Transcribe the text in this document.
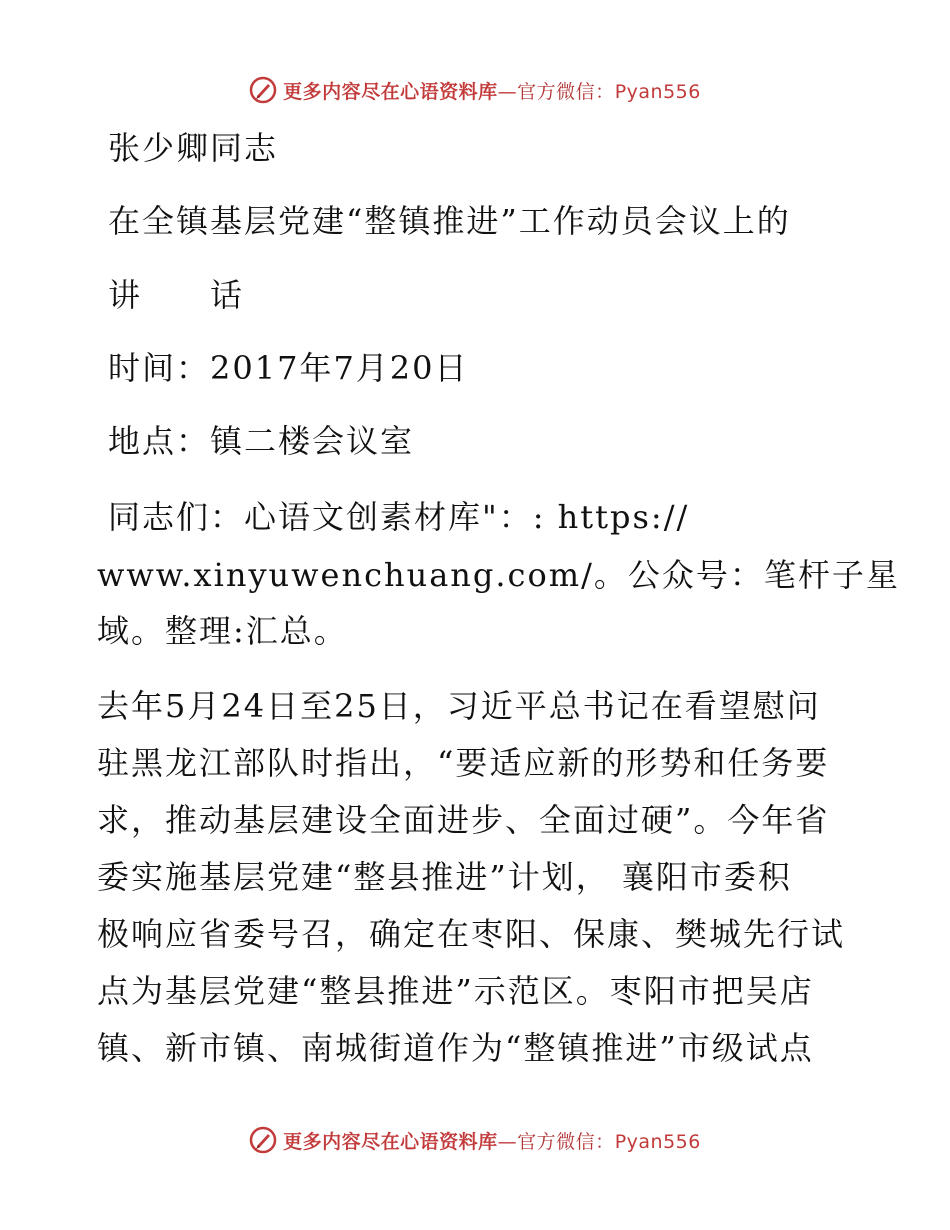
更多内容尽在心语资料库—官方微信：Pyan556
张少卿同志
在全镇基层党建“整镇推进”工作动员会议上的
讲　　话
时间：2017年7月20日
地点：镇二楼会议室
同志们：心语文创素材库"：: https://
www.xinyuwenchuang.com/。公众号：笔杆子星
域。整理:汇总。
去年5月24日至25日，习近平总书记在看望慰问
驻黑龙江部队时指出，“要适应新的形势和任务要
求，推动基层建设全面进步、全面过硬”。今年省
委实施基层党建“整县推进”计划， 襄阳市委积
极响应省委号召，确定在枣阳、保康、樊城先行试
点为基层党建“整县推进”示范区。枣阳市把吴店
镇、新市镇、南城街道作为“整镇推进”市级试点
更多内容尽在心语资料库—官方微信：Pyan556
